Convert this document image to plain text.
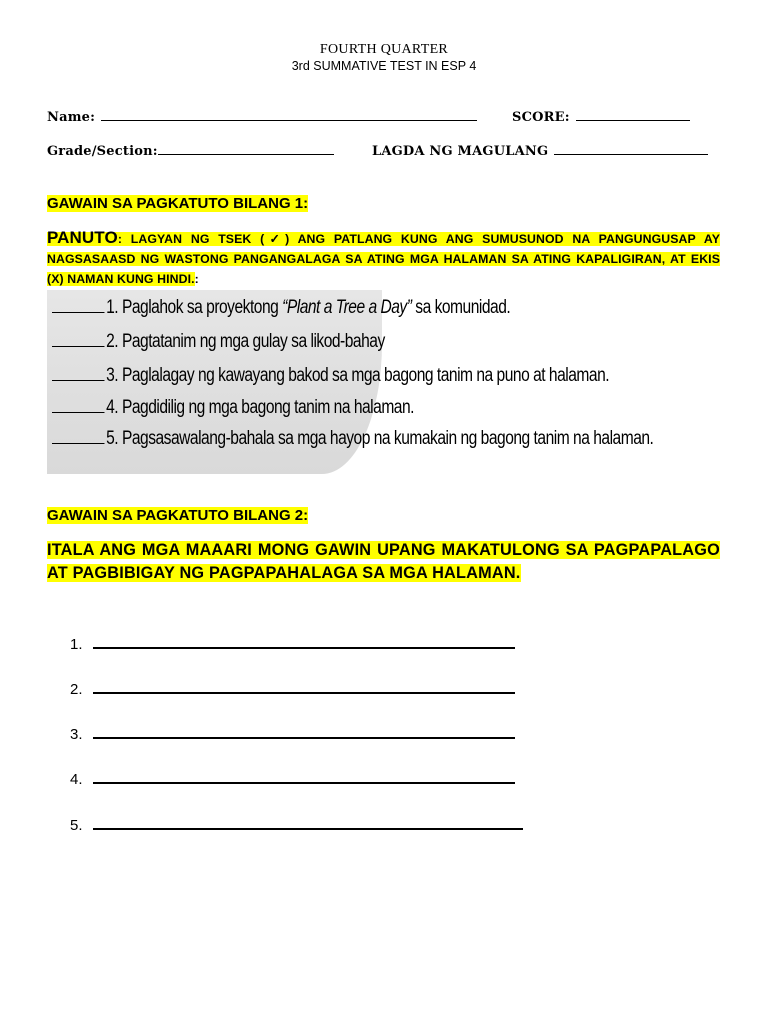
FOURTH QUARTER
3rd SUMMATIVE TEST IN ESP 4
Name:	SCORE:
Grade/Section:	LAGDA NG MAGULANG
GAWAIN SA PAGKATUTO BILANG 1:
PANUTO: LAGYAN NG TSEK (✓) ANG PATLANG KUNG ANG SUMUSUNOD NA PANGUNGUSAP AY NAGSASAASD NG WASTONG PANGANGALAGA SA ATING MGA HALAMAN SA ATING KAPALIGIRAN, AT EKIS (X) NAMAN KUNG HINDI.:
1. Paglahok sa proyektong “Plant a Tree a Day” sa komunidad.
2. Pagtatanim ng mga gulay sa likod-bahay
3. Paglalagay ng kawayang bakod sa mga bagong tanim na puno at halaman.
4. Pagdidilig ng mga bagong tanim na halaman.
5. Pagsasawalang-bahala sa mga hayop na kumakain ng bagong tanim na halaman.
GAWAIN SA PAGKATUTO BILANG 2:
ITALA ANG MGA MAAARI MONG GAWIN UPANG MAKATULONG SA PAGPAPALAGO AT PAGBIBIGAY NG PAGPAPAHALAGA SA MGA HALAMAN.
1.
2.
3.
4.
5.
